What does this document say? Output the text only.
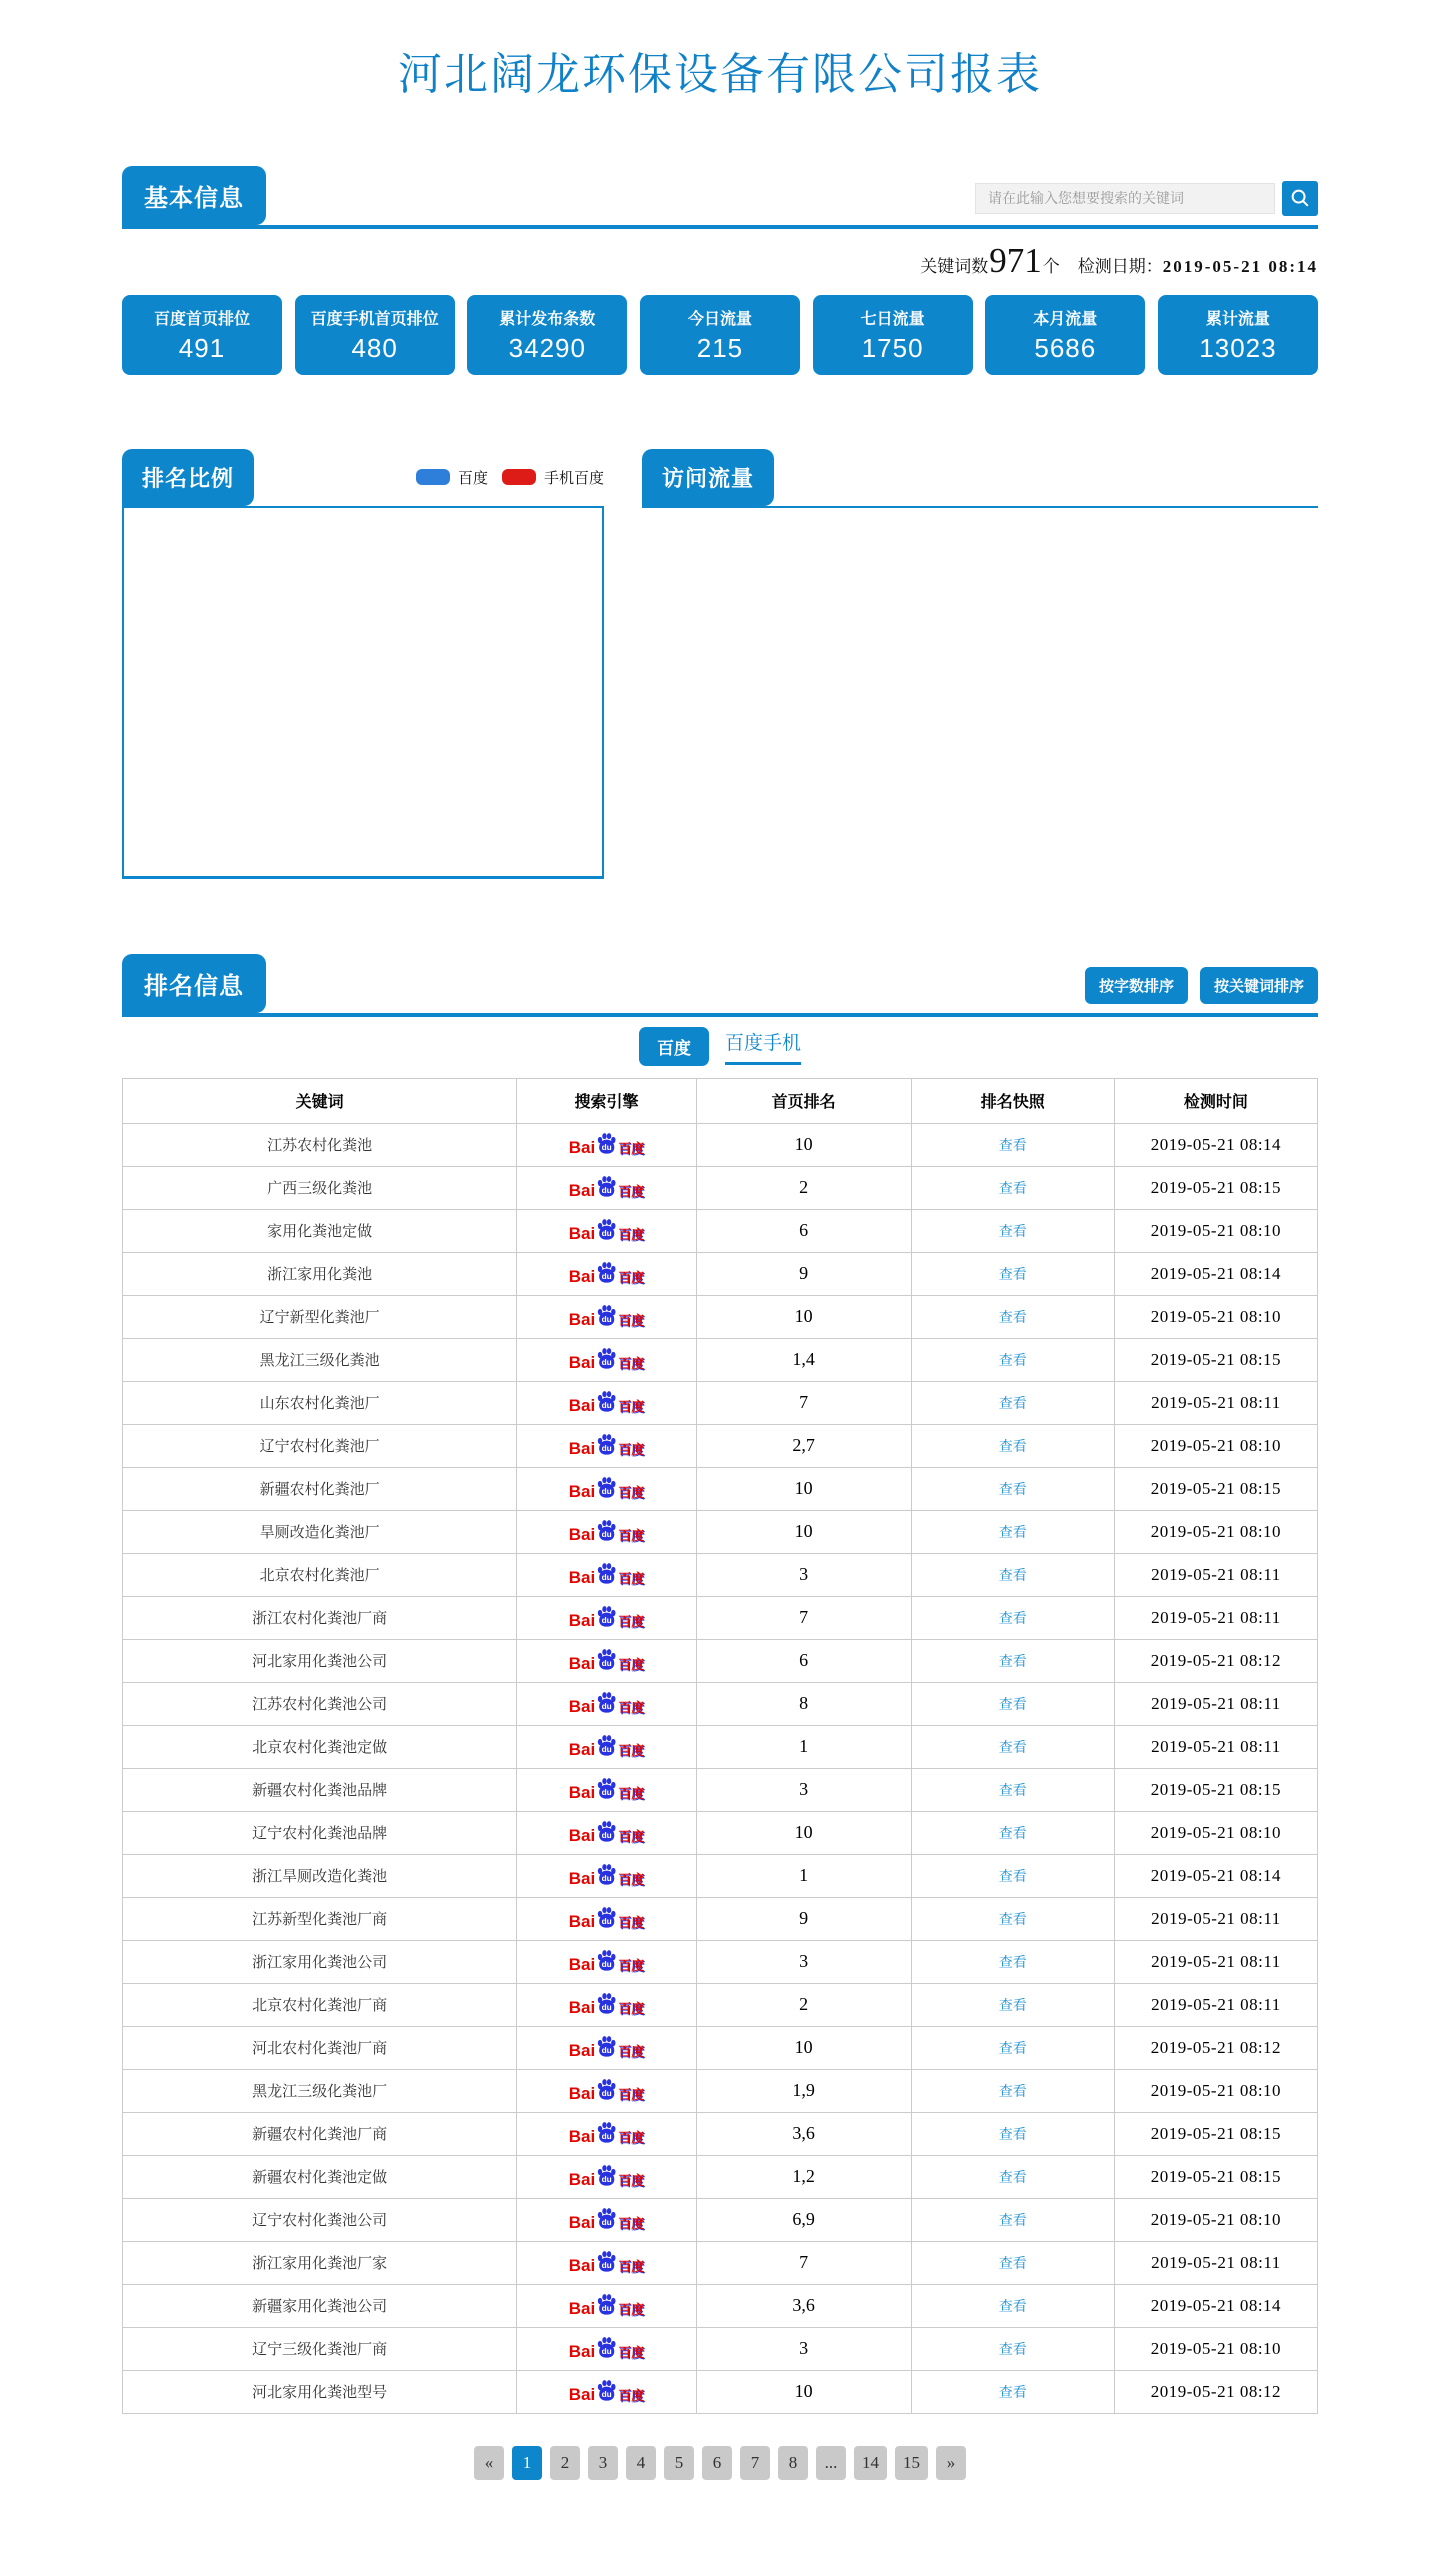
河北阔龙环保设备有限公司报表
基本信息
请在此输入您想要搜索的关键词
关键词数 971 个 检测日期： 2019-05-21 08:14
百度首页排位
491
百度手机首页排位
480
累计发布条数
34290
今日流量
215
七日流量
1750
本月流量
5686
累计流量
13023
排名比例	百度	手机百度	访问流量
排名信息	按字数排序	按关键词排序
百度	百度手机
关键词	搜索引擎	首页排名	排名快照	检测时间
江苏农村化粪池	Bai du 百度	10	查看	2019-05-21 08:14
广西三级化粪池	Bai du 百度	2	查看	2019-05-21 08:15
家用化粪池定做	Bai du 百度	6	查看	2019-05-21 08:10
浙江家用化粪池	Bai du 百度	9	查看	2019-05-21 08:14
辽宁新型化粪池厂	Bai du 百度	10	查看	2019-05-21 08:10
黑龙江三级化粪池	Bai du 百度	1,4	查看	2019-05-21 08:15
山东农村化粪池厂	Bai du 百度	7	查看	2019-05-21 08:11
辽宁农村化粪池厂	Bai du 百度	2,7	查看	2019-05-21 08:10
新疆农村化粪池厂	Bai du 百度	10	查看	2019-05-21 08:15
旱厕改造化粪池厂	Bai du 百度	10	查看	2019-05-21 08:10
北京农村化粪池厂	Bai du 百度	3	查看	2019-05-21 08:11
浙江农村化粪池厂商	Bai du 百度	7	查看	2019-05-21 08:11
河北家用化粪池公司	Bai du 百度	6	查看	2019-05-21 08:12
江苏农村化粪池公司	Bai du 百度	8	查看	2019-05-21 08:11
北京农村化粪池定做	Bai du 百度	1	查看	2019-05-21 08:11
新疆农村化粪池品牌	Bai du 百度	3	查看	2019-05-21 08:15
辽宁农村化粪池品牌	Bai du 百度	10	查看	2019-05-21 08:10
浙江旱厕改造化粪池	Bai du 百度	1	查看	2019-05-21 08:14
江苏新型化粪池厂商	Bai du 百度	9	查看	2019-05-21 08:11
浙江家用化粪池公司	Bai du 百度	3	查看	2019-05-21 08:11
北京农村化粪池厂商	Bai du 百度	2	查看	2019-05-21 08:11
河北农村化粪池厂商	Bai du 百度	10	查看	2019-05-21 08:12
黑龙江三级化粪池厂	Bai du 百度	1,9	查看	2019-05-21 08:10
新疆农村化粪池厂商	Bai du 百度	3,6	查看	2019-05-21 08:15
新疆农村化粪池定做	Bai du 百度	1,2	查看	2019-05-21 08:15
辽宁农村化粪池公司	Bai du 百度	6,9	查看	2019-05-21 08:10
浙江家用化粪池厂家	Bai du 百度	7	查看	2019-05-21 08:11
新疆家用化粪池公司	Bai du 百度	3,6	查看	2019-05-21 08:14
辽宁三级化粪池厂商	Bai du 百度	3	查看	2019-05-21 08:10
河北家用化粪池型号	Bai du 百度	10	查看	2019-05-21 08:12
«	1	2	3	4	5	6	7	8	...	14	15	»
